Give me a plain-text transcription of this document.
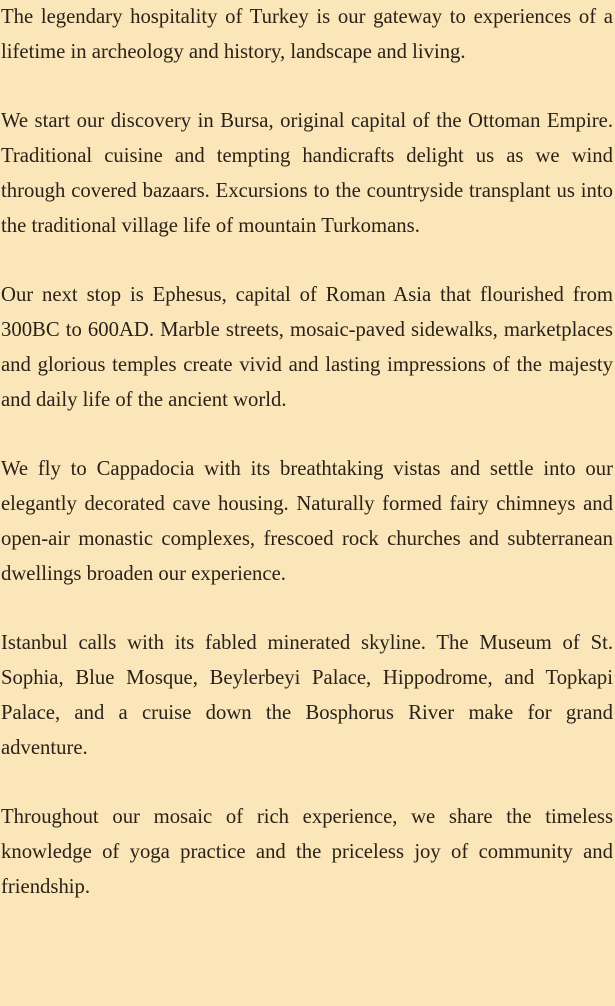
The legendary hospitality of Turkey is our gateway to experiences of a lifetime in archeology and history, landscape and living.

We start our discovery in Bursa, original capital of the Ottoman Empire. Traditional cuisine and tempting handicrafts delight us as we wind through covered bazaars. Excursions to the countryside transplant us into the traditional village life of mountain Turkomans.

Our next stop is Ephesus, capital of Roman Asia that flourished from 300BC to 600AD. Marble streets, mosaic-paved sidewalks, marketplaces and glorious temples create vivid and lasting impressions of the majesty and daily life of the ancient world.

We fly to Cappadocia with its breathtaking vistas and settle into our elegantly decorated cave housing. Naturally formed fairy chimneys and open-air monastic complexes, frescoed rock churches and subterranean dwellings broaden our experience.

Istanbul calls with its fabled minerated skyline. The Museum of St. Sophia, Blue Mosque, Beylerbeyi Palace, Hippodrome, and Topkapi Palace, and a cruise down the Bosphorus River make for grand adventure.

Throughout our mosaic of rich experience, we share the timeless knowledge of yoga practice and the priceless joy of community and friendship.
